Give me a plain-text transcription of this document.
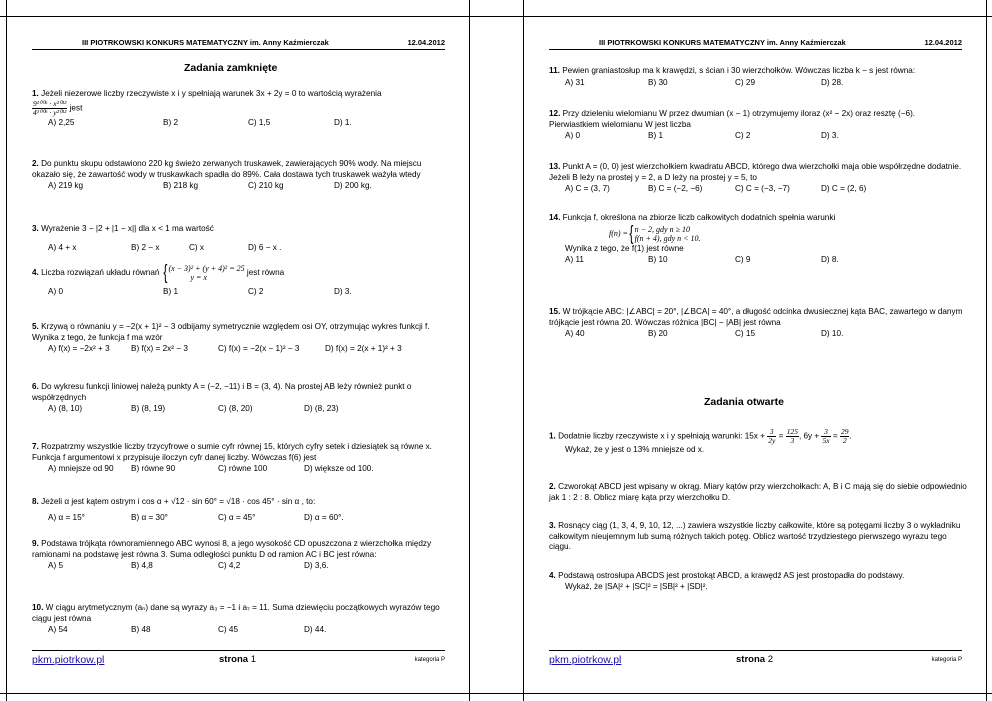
III PIOTRKOWSKI KONKURS MATEMATYCZNY im. Anny Kaźmierczak	12.04.2012
Zadania zamknięte
1. Jeżeli niezerowe liczby rzeczywiste x i y spełniają warunek 3x + 2y = 0 to wartością wyrażenia

$\frac{\text{9¹⁰⁰⁶ · x²⁰¹²}}{\text{4¹⁰⁰⁶ · y²⁰¹²}}$ jest
A) 2,25	B) 2	C) 1,5	D) 1.
2. Do punktu skupu odstawiono 220 kg świeżo zerwanych truskawek, zawierających 90% wody. Na miejscu okazało się, że zawartość wody w truskawkach spadła do 89%. Cała dostawa tych truskawek ważyła wtedy
A) 219 kg	B) 218 kg	C) 210 kg	D) 200 kg.
3. Wyrażenie 3 − |2 + |1 − x|| dla x < 1 ma wartość
A) 4 + x	B) 2 − x	C) x	D) 6 − x .
4. Liczba rozwiązań układu równań {(x − 3)² + (y + 4)² = 25
y = x jest równa
A) 0	B) 1	C) 2	D) 3.
5. Krzywą o równaniu y = −2(x + 1)² − 3 odbijamy symetrycznie względem osi OY, otrzymując wykres funkcji f. Wynika z tego, że funkcja f ma wzór
A) f(x) = −2x² + 3	B) f(x) = 2x² − 3	C) f(x) = −2(x − 1)² − 3	D) f(x) = 2(x + 1)² + 3
6. Do wykresu funkcji liniowej należą punkty A = (−2, −11) i B = (3, 4). Na prostej AB leży również punkt o współrzędnych
A) (8, 10)	B) (8, 19)	C) (8, 20)	D) (8, 23)
7. Rozpatrzmy wszystkie liczby trzycyfrowe o sumie cyfr równej 15, których cyfry setek i dziesiątek są równe x. Funkcja f argumentowi x przypisuje iloczyn cyfr danej liczby. Wówczas f(6) jest
A) mniejsze od 90 B) równe 90	C) równe 100	D) większe od 100.
8. Jeżeli α jest kątem ostrym i cos α + √12 · sin 60° = √18 · cos 45° · sin α , to:
A) α = 15°	B) α = 30°	C) α = 45°	D) α = 60°.
9. Podstawa trójkąta równoramiennego ABC wynosi 8, a jego wysokość CD opuszczona z wierzchołka między ramionami na podstawę jest równa 3. Suma odległości punktu D od ramion AC i BC jest równa:
A) 5	B) 4,8	C) 4,2	D) 3,6.
10. W ciągu arytmetycznym (aₙ) dane są wyrazy a₃ = −1 i a₇ = 11. Suma dziewięciu początkowych wyrazów tego ciągu jest równa
A) 54	B) 48	C) 45	D) 44.
pkm.piotrkow.pl	strona 1	kategoria P
III PIOTRKOWSKI KONKURS MATEMATYCZNY im. Anny Kaźmierczak	12.04.2012
11. Pewien graniastosłup ma k krawędzi, s ścian i 30 wierzchołków. Wówczas liczba k − s jest równa:
A) 31	B) 30	C) 29	D) 28.
12. Przy dzieleniu wielomianu W przez dwumian (x − 1) otrzymujemy iloraz (x² − 2x) oraz resztę (−6). Pierwiastkiem wielomianu W jest liczba
A) 0	B) 1	C) 2	D) 3.
13. Punkt A = (0, 0) jest wierzchołkiem kwadratu ABCD, którego dwa wierzchołki maja obie współrzędne dodatnie. Jeżeli B leży na prostej y = 2, a D leży na prostej y = 5, to
A) C = (3, 7)	B) C = (−2, −6)	C) C = (−3, −7)	D) C = (2, 6)
14. Funkcja f, określona na zbiorze liczb całkowitych dodatnich spełnia warunki
f(n) ={n − 2, gdy n ≥ 10
f(n + 4), gdy n < 10.
Wynika z tego, że f(1) jest równe
A) 11	B) 10	C) 9	D) 8.
15. W trójkącie ABC: |∠ABC| = 20°, |∠BCA| = 40°, a długość odcinka dwusiecznej kąta BAC, zawartego w danym trójkącie jest równa 20. Wówczas różnica |BC| − |AB| jest równa
A) 40	B) 20	C) 15	D) 10.
Zadania otwarte
1. Dodatnie liczby rzeczywiste x i y spełniają warunki: $15x + \frac{3}{2y} = \frac{125}{3}$ , $6y + \frac{3}{5x} = \frac{29}{2}$ .
Wykaż, że y jest o 13% mniejsze od x.
2. Czworokąt ABCD jest wpisany w okrąg. Miary kątów przy wierzchołkach: A, B i C mają się do siebie odpowiednio jak 1 : 2 : 8. Oblicz miarę kąta przy wierzchołku D.
3. Rosnący ciąg (1, 3, 4, 9, 10, 12, ...) zawiera wszystkie liczby całkowite, które są potęgami liczby 3 o wykładniku całkowitym nieujemnym lub sumą różnych takich potęg. Oblicz wartość trzydziestego pierwszego wyrazu tego ciągu.
4. Podstawą ostrosłupa ABCDS jest prostokąt ABCD, a krawędź AS jest prostopadła do podstawy.
Wykaż, że |SA|² + |SC|² = |SB|² + |SD|².
pkm.piotrkow.pl	strona 2	kategoria P
